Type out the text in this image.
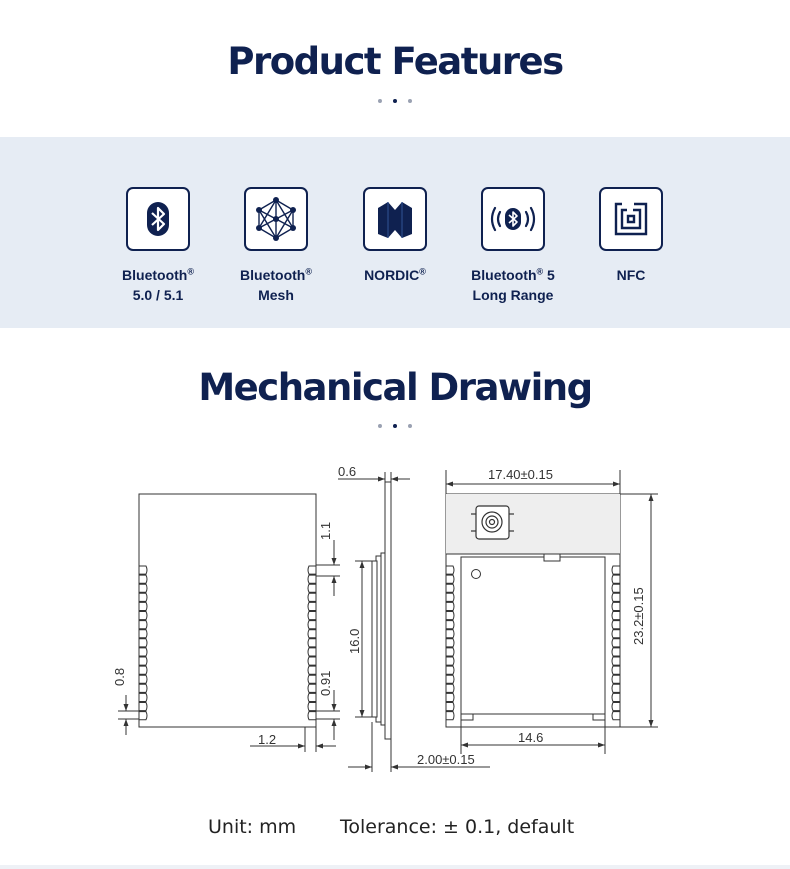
Product Features
Bluetooth®
5.0 / 5.1
Bluetooth®
Mesh
NORDIC®	Bluetooth® 5
Long Range
NFC
Mechanical Drawing
1.1
0.91
0.8
1.2
0.6
16.0
2.00±0.15
17.40±0.15
23.2±0.15
14.6
Unit: mm Tolerance: ± 0.1, default
